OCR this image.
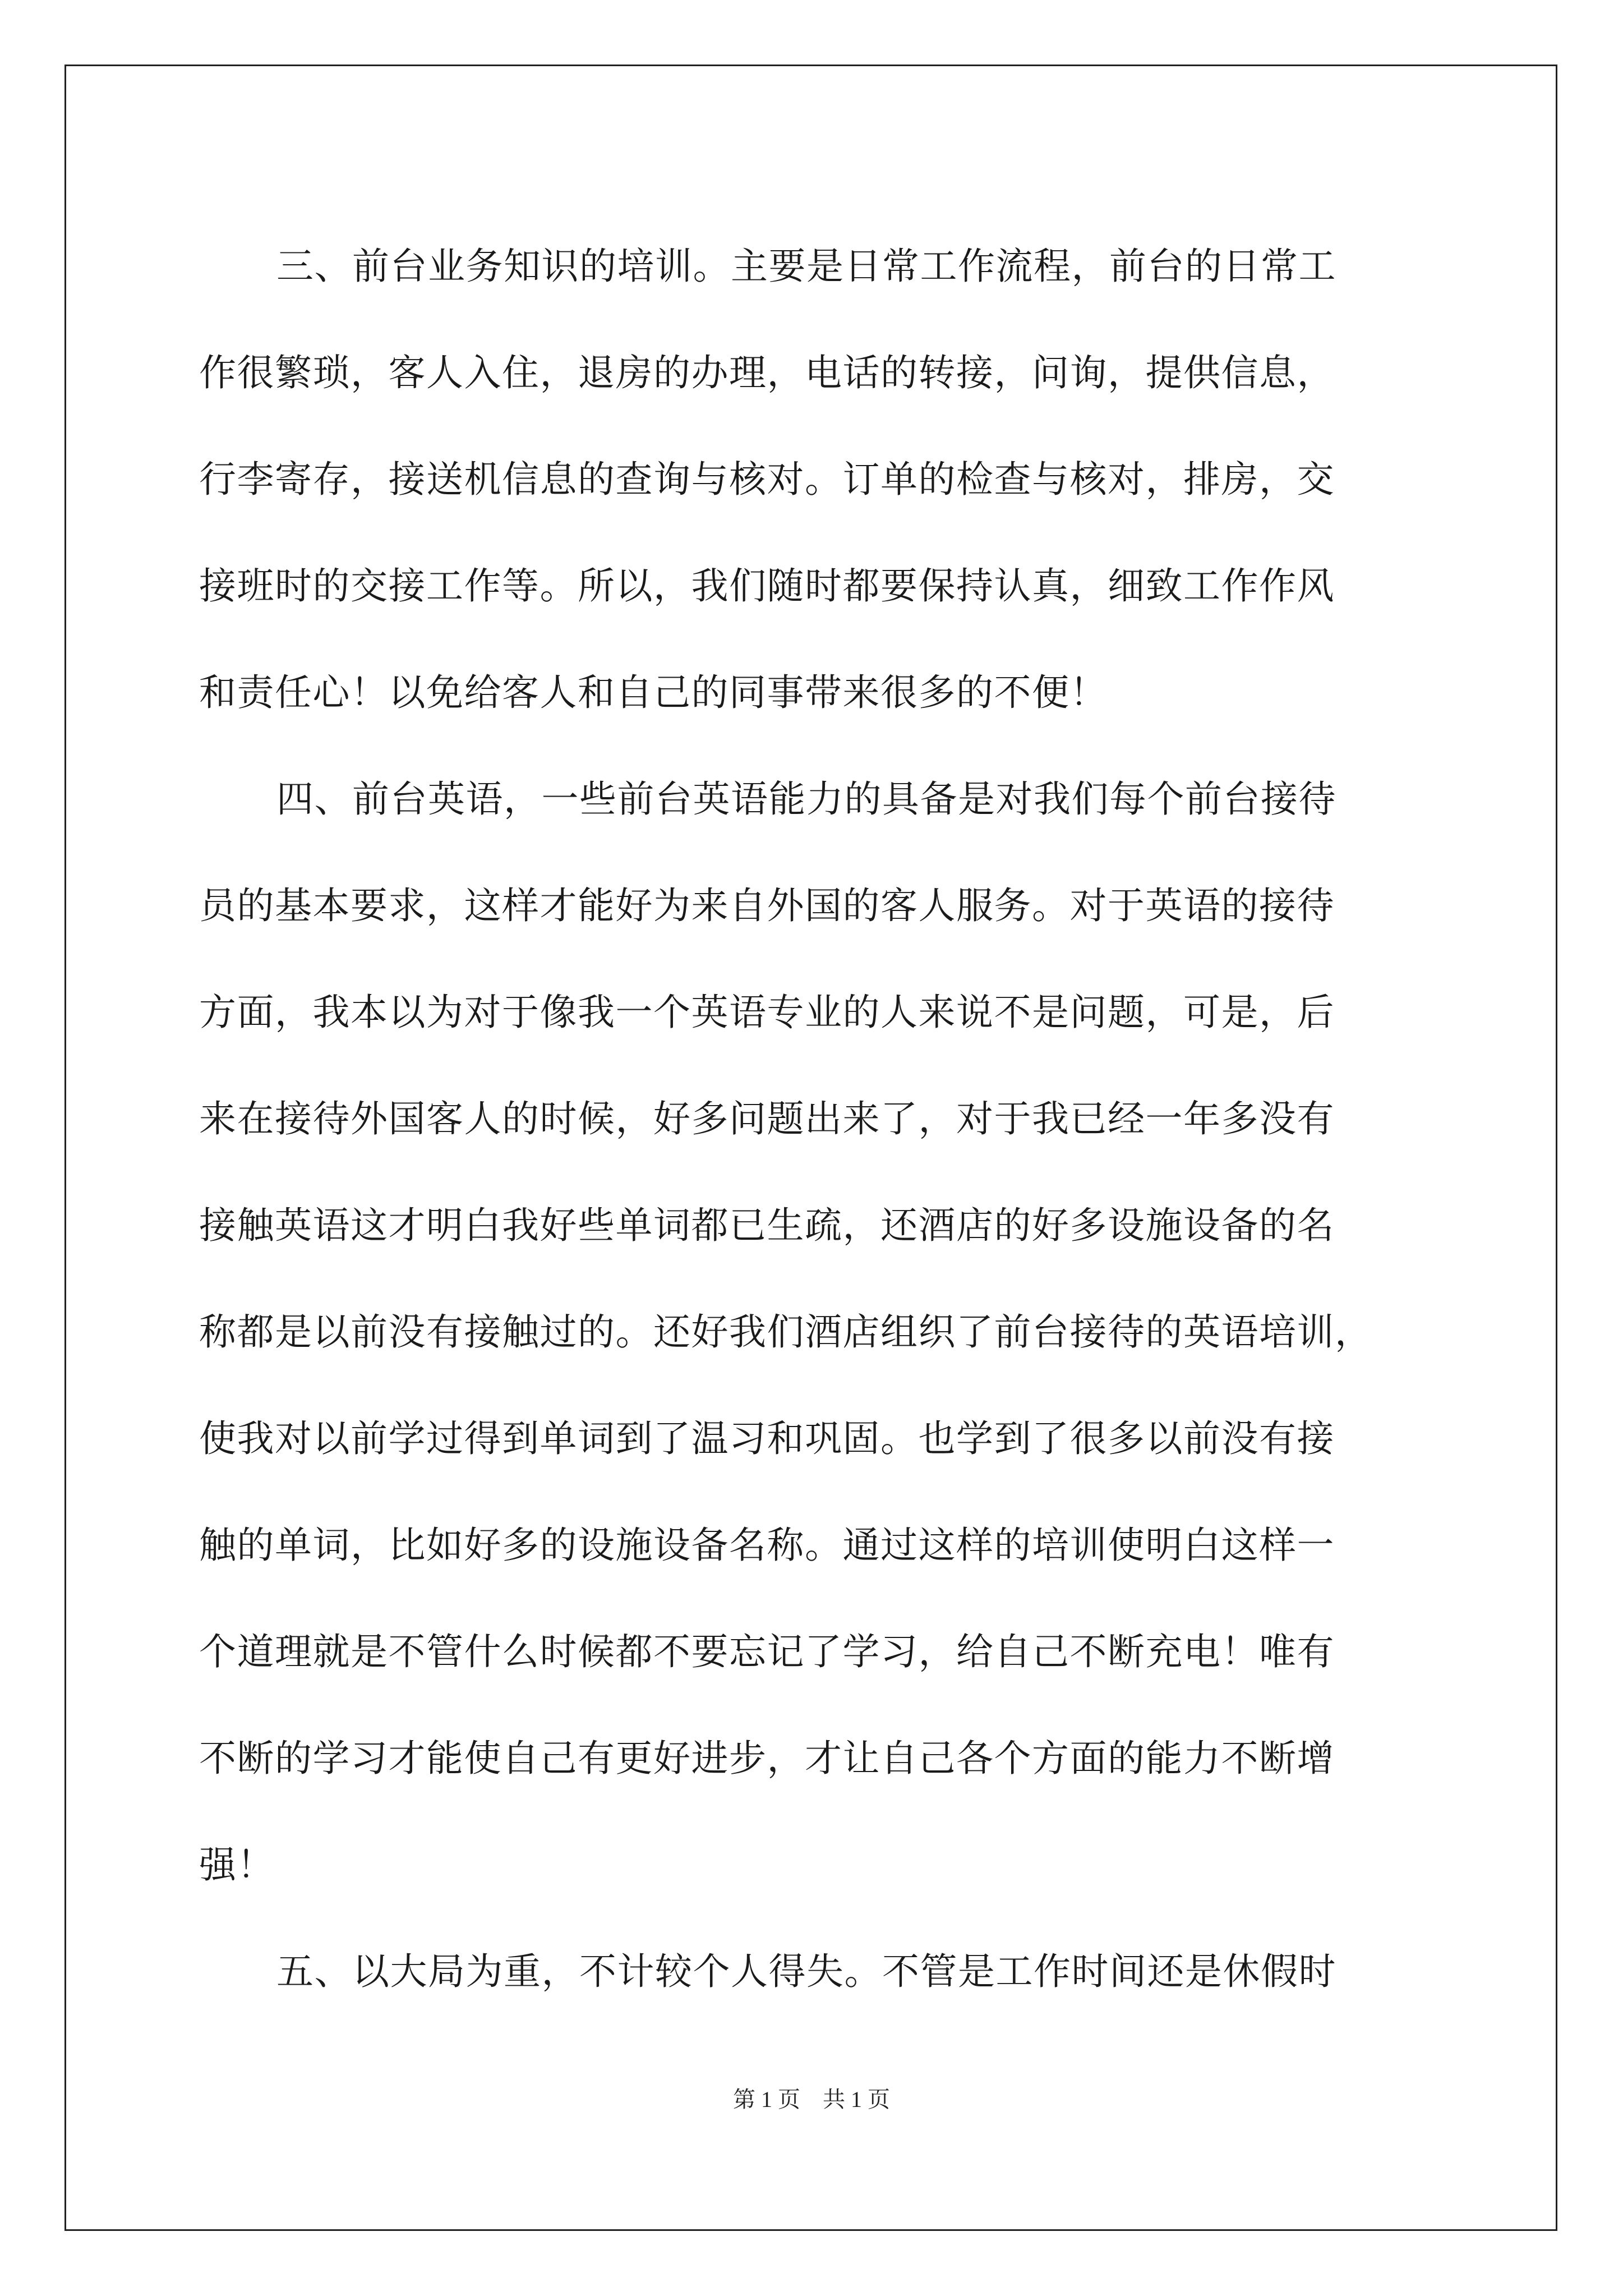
三、前台业务知识的培训。主要是日常工作流程，前台的日常工
作很繁琐，客人入住，退房的办理，电话的转接，问询，提供信息，
行李寄存，接送机信息的查询与核对。订单的检查与核对，排房，交
接班时的交接工作等。所以，我们随时都要保持认真，细致工作作风
和责任心！以免给客人和自己的同事带来很多的不便！
四、前台英语，一些前台英语能力的具备是对我们每个前台接待
员的基本要求，这样才能好为来自外国的客人服务。对于英语的接待
方面，我本以为对于像我一个英语专业的人来说不是问题，可是，后
来在接待外国客人的时候，好多问题出来了，对于我已经一年多没有
接触英语这才明白我好些单词都已生疏，还酒店的好多设施设备的名
称都是以前没有接触过的。还好我们酒店组织了前台接待的英语培训，
使我对以前学过得到单词到了温习和巩固。也学到了很多以前没有接
触的单词，比如好多的设施设备名称。通过这样的培训使明白这样一
个道理就是不管什么时候都不要忘记了学习，给自己不断充电！唯有
不断的学习才能使自己有更好进步，才让自己各个方面的能力不断增
强！
五、以大局为重，不计较个人得失。不管是工作时间还是休假时
第 1 页　共 1 页
